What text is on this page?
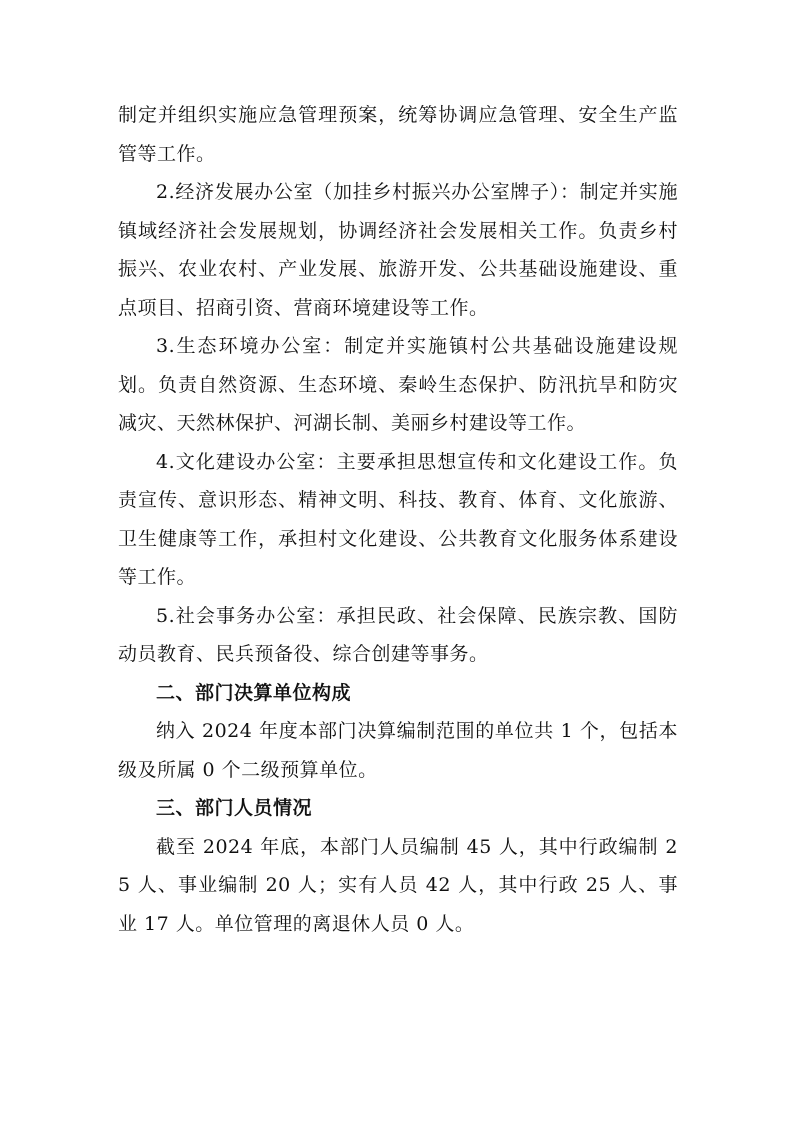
制定并组织实施应急管理预案，统筹协调应急管理、安全生产监管等工作。

2.经济发展办公室（加挂乡村振兴办公室牌子）：制定并实施镇域经济社会发展规划，协调经济社会发展相关工作。负责乡村振兴、农业农村、产业发展、旅游开发、公共基础设施建设、重点项目、招商引资、营商环境建设等工作。

3.生态环境办公室：制定并实施镇村公共基础设施建设规划。负责自然资源、生态环境、秦岭生态保护、防汛抗旱和防灾减灾、天然林保护、河湖长制、美丽乡村建设等工作。

4.文化建设办公室：主要承担思想宣传和文化建设工作。负责宣传、意识形态、精神文明、科技、教育、体育、文化旅游、卫生健康等工作，承担村文化建设、公共教育文化服务体系建设等工作。

5.社会事务办公室：承担民政、社会保障、民族宗教、国防动员教育、民兵预备役、综合创建等事务。

二、部门决算单位构成

纳入 2024 年度本部门决算编制范围的单位共 1 个，包括本级及所属 0 个二级预算单位。

三、部门人员情况

截至 2024 年底，本部门人员编制 45 人，其中行政编制 25 人、事业编制 20 人；实有人员 42 人，其中行政 25 人、事业 17 人。单位管理的离退休人员 0 人。
